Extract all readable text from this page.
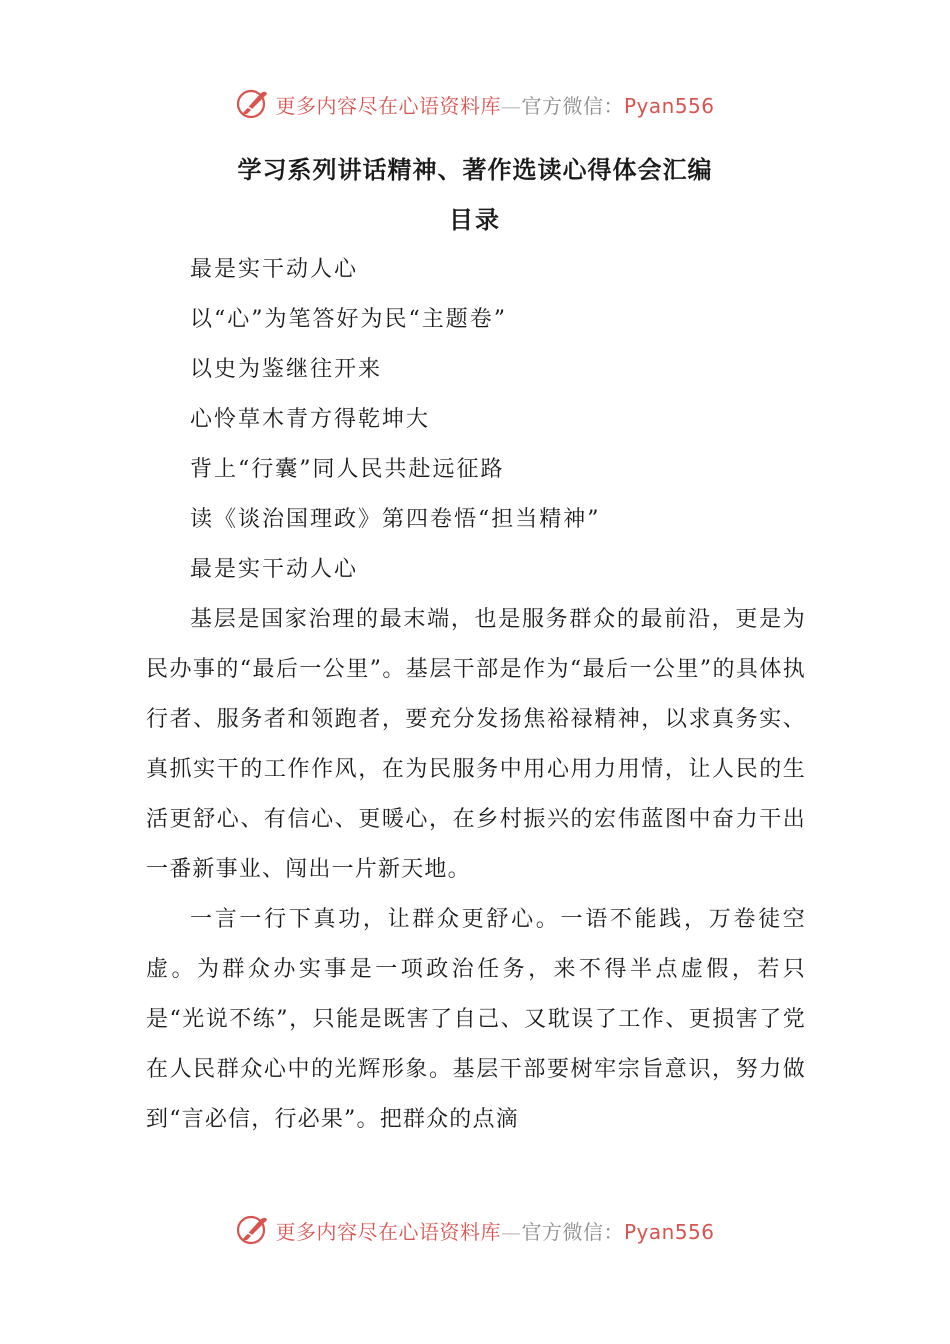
更多内容尽在心语资料库—官方微信：Pyan556
学习系列讲话精神、著作选读心得体会汇编
目录
最是实干动人心
以“心”为笔答好为民“主题卷”
以史为鉴继往开来
心怜草木青方得乾坤大
背上“行囊”同人民共赴远征路
读《谈治国理政》第四卷悟“担当精神”
最是实干动人心

基层是国家治理的最末端，也是服务群众的最前沿，更是为民办事的“最后一公里”。基层干部是作为“最后一公里”的具体执行者、服务者和领跑者，要充分发扬焦裕禄精神，以求真务实、真抓实干的工作作风，在为民服务中用心用力用情，让人民的生活更舒心、有信心、更暖心，在乡村振兴的宏伟蓝图中奋力干出一番新事业、闯出一片新天地。

一言一行下真功，让群众更舒心。一语不能践，万卷徒空虚。为群众办实事是一项政治任务，来不得半点虚假，若只是“光说不练”，只能是既害了自己、又耽误了工作、更损害了党在人民群众心中的光辉形象。基层干部要树牢宗旨意识，努力做到“言必信，行必果”。把群众的点滴

更多内容尽在心语资料库—官方微信：Pyan556
